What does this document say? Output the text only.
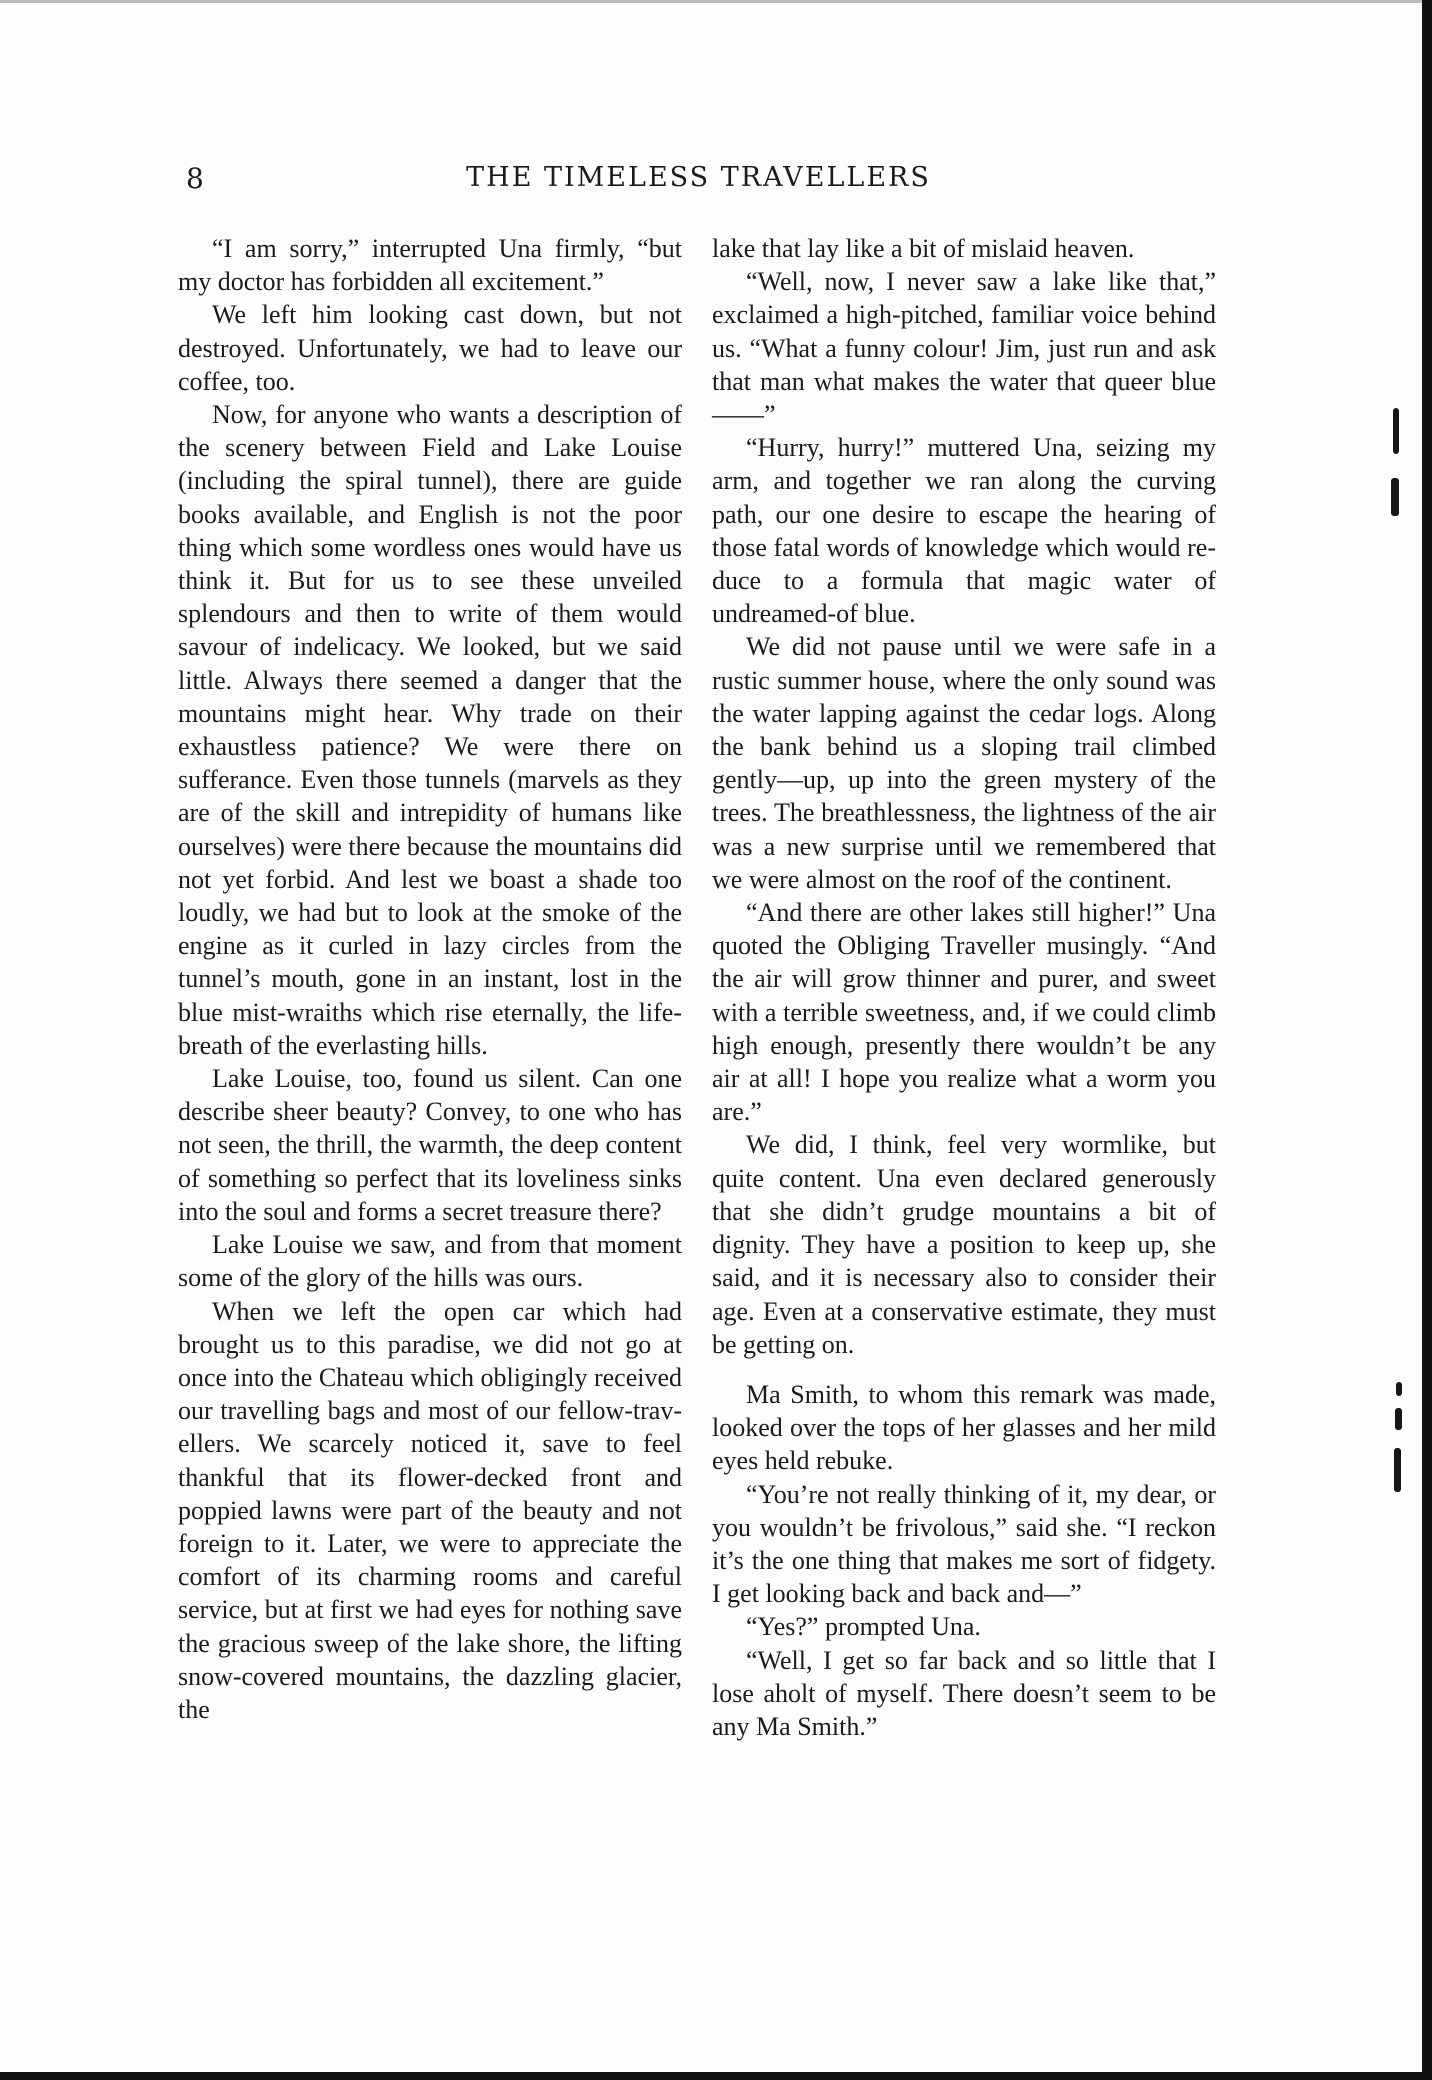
8	THE TIMELESS TRAVELLERS

“I am sorry,” interrupted Una firmly, “but my doctor has forbidden all excitement.”

We left him looking cast down, but not destroyed. Unfortunately, we had to leave our coffee, too.

Now, for anyone who wants a description of the scenery between Field and Lake Louise (including the spiral tunnel), there are guide books available, and English is not the poor thing which some wordless ones would have us think it. But for us to see these unveiled splendours and then to write of them would savour of indelicacy. We looked, but we said little. Always there seemed a danger that the mountains might hear. Why trade on their exhaustless patience? We were there on sufferance. Even those tunnels (marvels as they are of the skill and intrepidity of humans like ourselves) were there because the mountains did not yet forbid. And lest we boast a shade too loudly, we had but to look at the smoke of the engine as it curled in lazy circles from the tunnel’s mouth, gone in an instant, lost in the blue mist-wraiths which rise eternally, the life-breath of the everlasting hills.

Lake Louise, too, found us silent. Can one describe sheer beauty? Convey, to one who has not seen, the thrill, the warmth, the deep content of something so perfect that its loveliness sinks into the soul and forms a secret treasure there?

Lake Louise we saw, and from that moment some of the glory of the hills was ours.

When we left the open car which had brought us to this paradise, we did not go at once into the Chateau which obligingly received our travelling bags and most of our fellow-travellers. We scarcely noticed it, save to feel thankful that its flower-decked front and poppied lawns were part of the beauty and not foreign to it. Later, we were to appreciate the comfort of its charming rooms and careful service, but at first we had eyes for nothing save the gracious sweep of the lake shore, the lifting snow-covered mountains, the dazzling glacier, the

lake that lay like a bit of mislaid heaven.

“Well, now, I never saw a lake like that,” exclaimed a high-pitched, familiar voice behind us. “What a funny colour! Jim, just run and ask that man what makes the water that queer blue——”

“Hurry, hurry!” muttered Una, seizing my arm, and together we ran along the curving path, our one desire to escape the hearing of those fatal words of knowledge which would reduce to a formula that magic water of undreamed-of blue.

We did not pause until we were safe in a rustic summer house, where the only sound was the water lapping against the cedar logs. Along the bank behind us a sloping trail climbed gently—up, up into the green mystery of the trees. The breathlessness, the lightness of the air was a new surprise until we remembered that we were almost on the roof of the continent.

“And there are other lakes still higher!” Una quoted the Obliging Traveller musingly. “And the air will grow thinner and purer, and sweet with a terrible sweetness, and, if we could climb high enough, presently there wouldn’t be any air at all! I hope you realize what a worm you are.”

We did, I think, feel very wormlike, but quite content. Una even declared generously that she didn’t grudge mountains a bit of dignity. They have a position to keep up, she said, and it is necessary also to consider their age. Even at a conservative estimate, they must be getting on.

Ma Smith, to whom this remark was made, looked over the tops of her glasses and her mild eyes held rebuke.

“You’re not really thinking of it, my dear, or you wouldn’t be frivolous,” said she. “I reckon it’s the one thing that makes me sort of fidgety. I get looking back and back and—”

“Yes?” prompted Una.

“Well, I get so far back and so little that I lose aholt of myself. There doesn’t seem to be any Ma Smith.”
